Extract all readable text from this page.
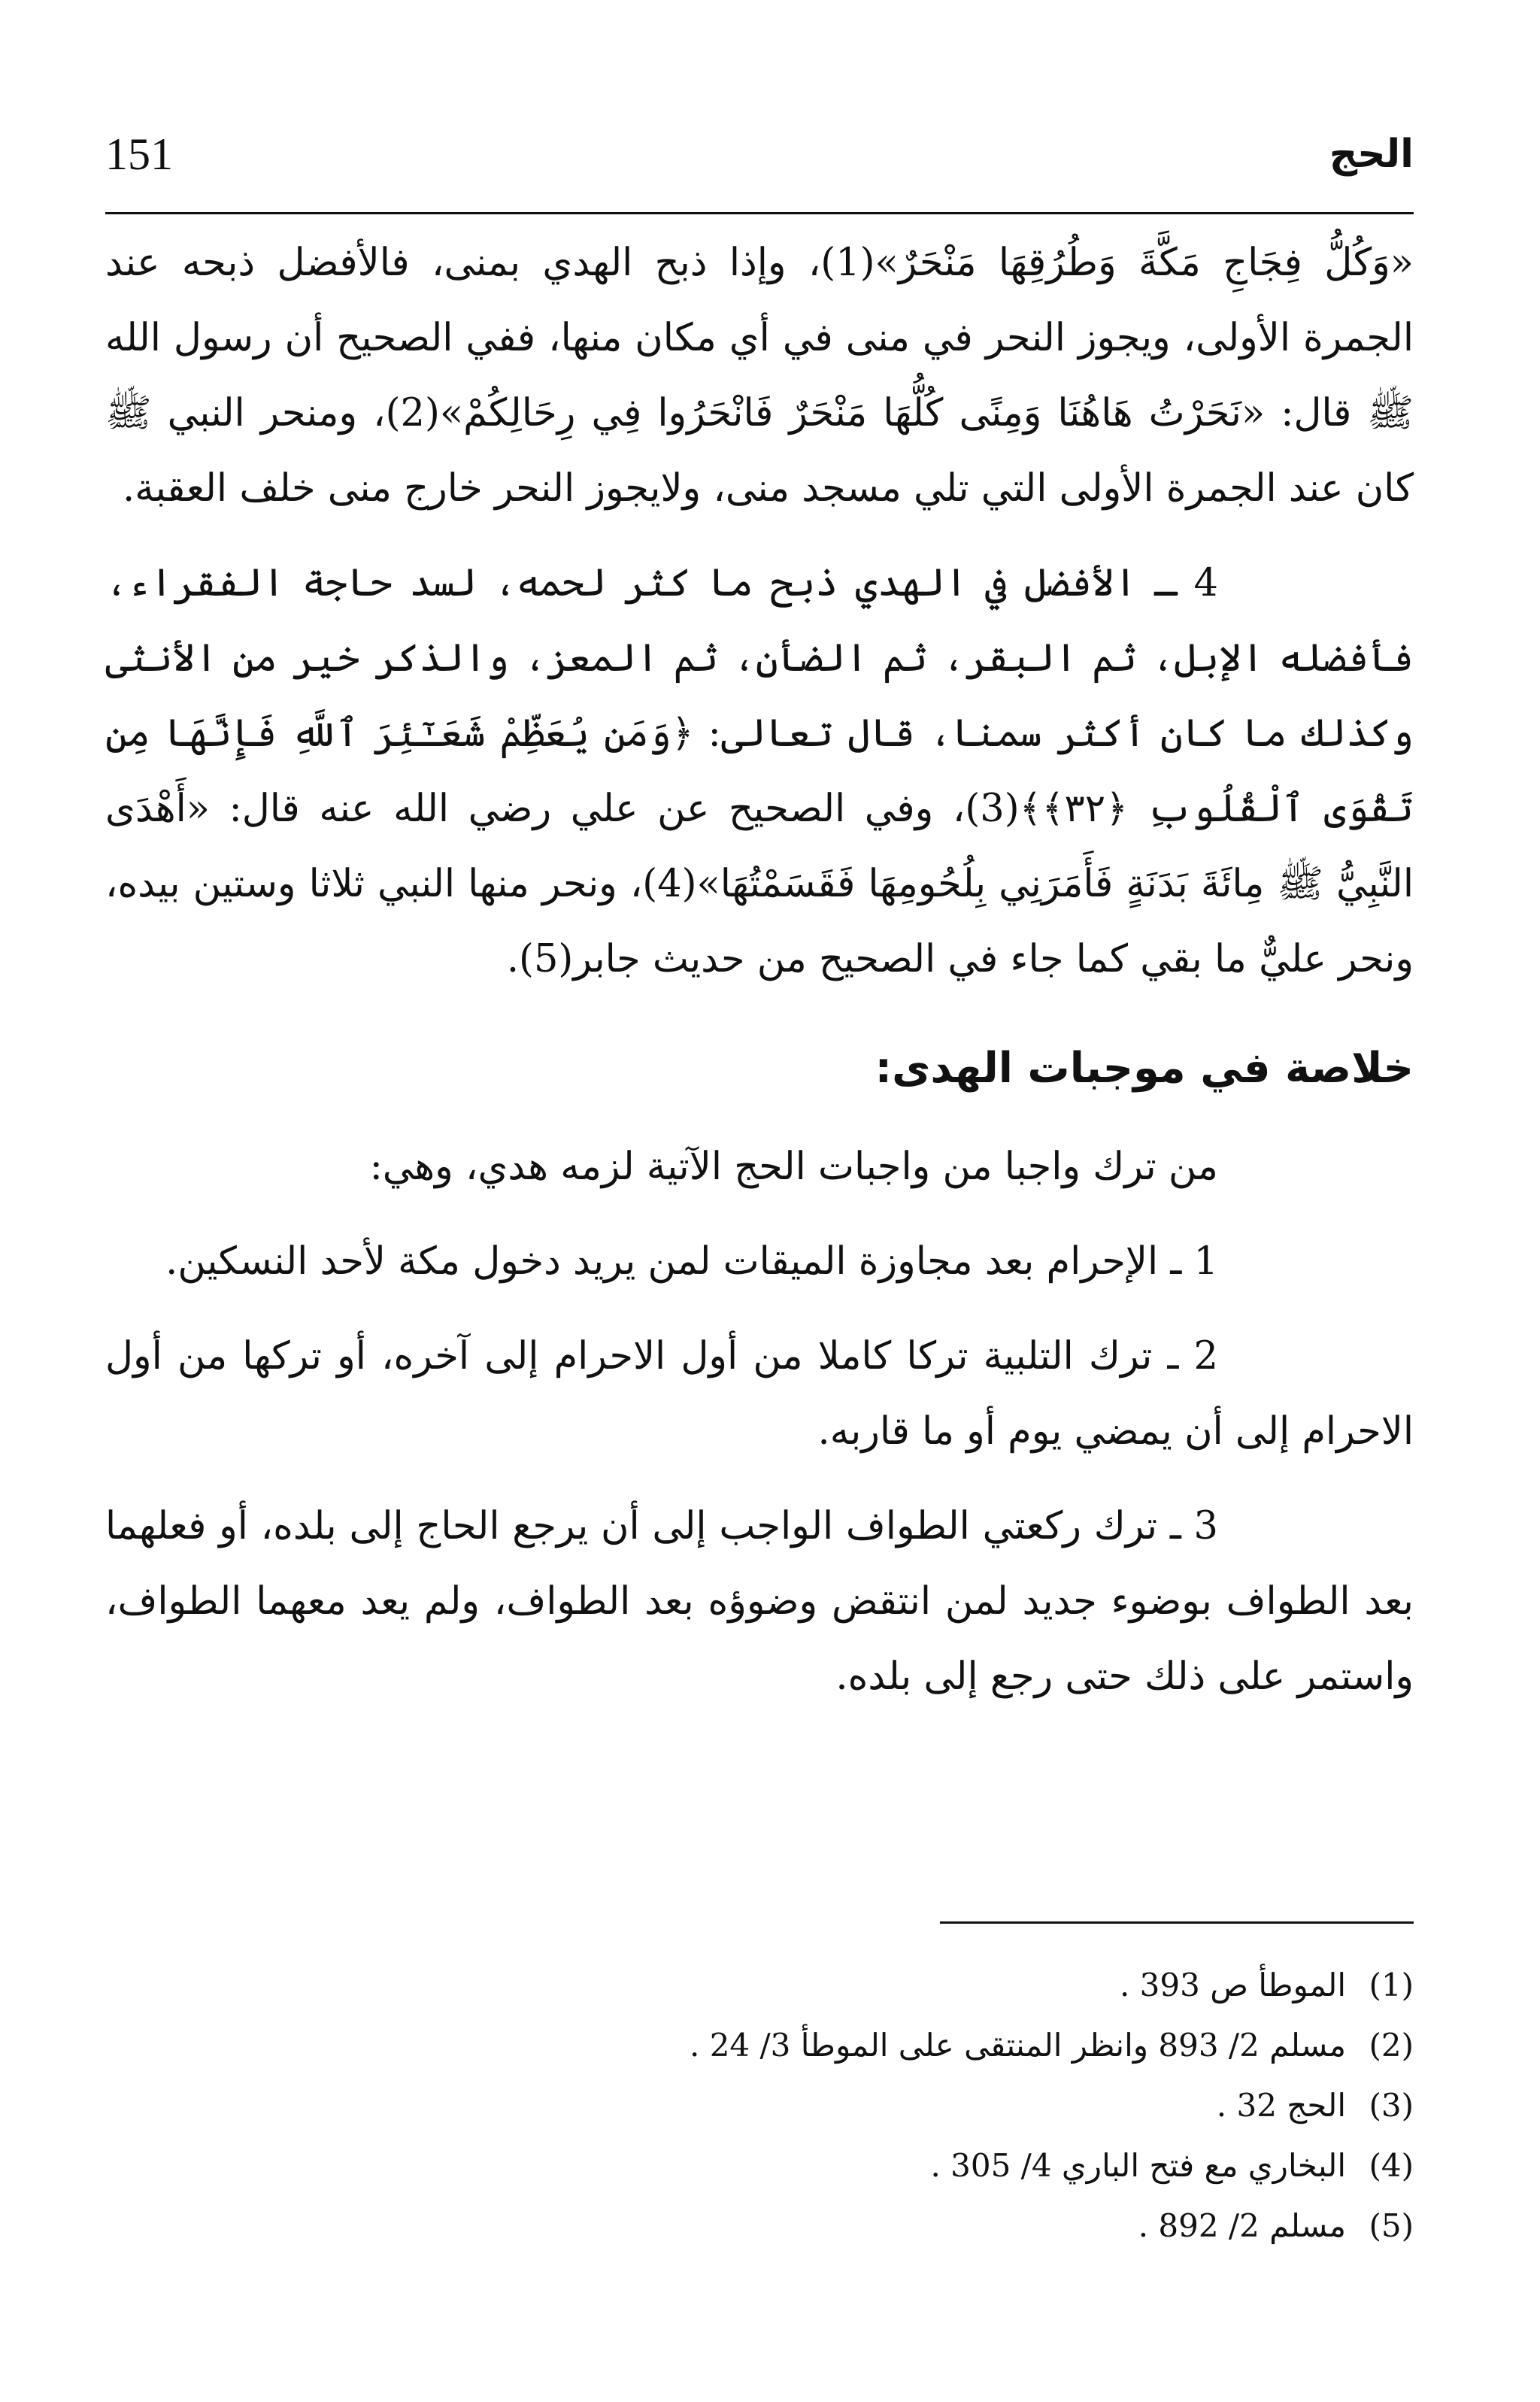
151	الحج

«وَكُلُّ فِجَاجِ مَكَّةَ وَطُرُقِهَا مَنْحَرٌ»(1)، وإذا ذبح الهدي بمنى، فالأفضل ذبحه عند الجمرة الأولى، ويجوز النحر في منى في أي مكان منها، ففي الصحيح أن رسول الله ﷺ قال: «نَحَرْتُ هَاهُنَا وَمِنًى كُلُّهَا مَنْحَرٌ فَانْحَرُوا فِي رِحَالِكُمْ»(2)، ومنحر النبي ﷺ كان عند الجمرة الأولى التي تلي مسجد منى، ولايجوز النحر خارج منى خلف العقبة.

4 ـ الأفضل في الهدي ذبح ما كثر لحمه، لسد حاجة الفقراء، فأفضله الإبل، ثم البقر، ثم الضأن، ثم المعز، والذكر خير من الأنثى وكذلك ما كان أكثر سمنا، قال تعالى: ﴿وَمَن يُعَظِّمْ شَعَـٰٓئِرَ ٱللَّهِ فَإِنَّهَا مِن تَقْوَى ٱلْقُلُوبِ ﴿٣٢﴾﴾(3)، وفي الصحيح عن علي رضي الله عنه قال: «أَهْدَى النَّبِيُّ ﷺ مِائَةَ بَدَنَةٍ فَأَمَرَنِي بِلُحُومِهَا فَقَسَمْتُهَا»(4)، ونحر منها النبي ثلاثا وستين بيده، ونحر عليٌّ ما بقي كما جاء في الصحيح من حديث جابر(5).

خلاصة في موجبات الهدى:

من ترك واجبا من واجبات الحج الآتية لزمه هدي، وهي:

1 ـ الإحرام بعد مجاوزة الميقات لمن يريد دخول مكة لأحد النسكين.

2 ـ ترك التلبية تركا كاملا من أول الاحرام إلى آخره، أو تركها من أول الاحرام إلى أن يمضي يوم أو ما قاربه.

3 ـ ترك ركعتي الطواف الواجب إلى أن يرجع الحاج إلى بلده، أو فعلهما بعد الطواف بوضوء جديد لمن انتقض وضوؤه بعد الطواف، ولم يعد معهما الطواف، واستمر على ذلك حتى رجع إلى بلده.

(1)الموطأ ص 393 .

(2)مسلم 2/ 893 وانظر المنتقى على الموطأ 3/ 24 .

(3)الحج 32 .

(4)البخاري مع فتح الباري 4/ 305 .

(5)مسلم 2/ 892 .
